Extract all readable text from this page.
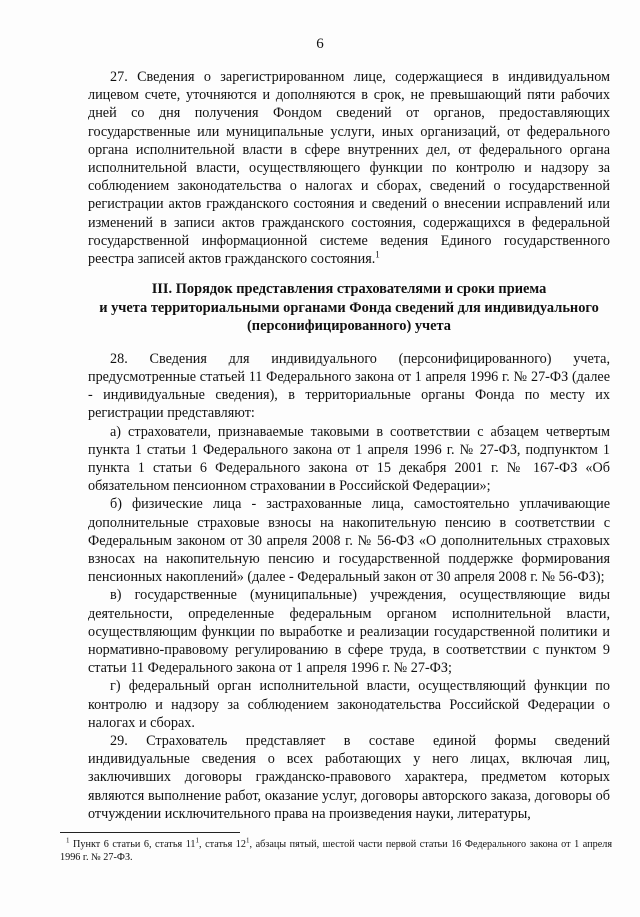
6

27. Сведения о зарегистрированном лице, содержащиеся в индивидуальном лицевом счете, уточняются и дополняются в срок, не превышающий пяти рабочих дней со дня получения Фондом сведений от органов, предоставляющих государственные или муниципальные услуги, иных организаций, от федерального органа исполнительной власти в сфере внутренних дел, от федерального органа исполнительной власти, осуществляющего функции по контролю и надзору за соблюдением законодательства о налогах и сборах, сведений о государственной регистрации актов гражданского состояния и сведений о внесении исправлений или изменений в записи актов гражданского состояния, содержащихся в федеральной государственной информационной системе ведения Единого государственного реестра записей актов гражданского состояния.$^1$

III. Порядок представления страхователями и сроки приема
и учета территориальными органами Фонда сведений для индивидуального
(персонифицированного) учета

28. Сведения для индивидуального (персонифицированного) учета, предусмотренные статьей 11 Федерального закона от 1 апреля 1996 г. № 27-ФЗ (далее - индивидуальные сведения), в территориальные органы Фонда по месту их регистрации представляют:

а) страхователи, признаваемые таковыми в соответствии с абзацем четвертым пункта 1 статьи 1 Федерального закона от 1 апреля 1996 г. № 27-ФЗ, подпунктом 1 пункта 1 статьи 6 Федерального закона от 15 декабря 2001 г. № 167-ФЗ «Об обязательном пенсионном страховании в Российской Федерации»;

б) физические лица - застрахованные лица, самостоятельно уплачивающие дополнительные страховые взносы на накопительную пенсию в соответствии с Федеральным законом от 30 апреля 2008 г. № 56-ФЗ «О дополнительных страховых взносах на накопительную пенсию и государственной поддержке формирования пенсионных накоплений» (далее - Федеральный закон от 30 апреля 2008 г. № 56-ФЗ);

в) государственные (муниципальные) учреждения, осуществляющие виды деятельности, определенные федеральным органом исполнительной власти, осуществляющим функции по выработке и реализации государственной политики и нормативно-правовому регулированию в сфере труда, в соответствии с пунктом 9 статьи 11 Федерального закона от 1 апреля 1996 г. № 27-ФЗ;

г) федеральный орган исполнительной власти, осуществляющий функции по контролю и надзору за соблюдением законодательства Российской Федерации о налогах и сборах.

29. Страхователь представляет в составе единой формы сведений индивидуальные сведения о всех работающих у него лицах, включая лиц, заключивших договоры гражданско-правового характера, предметом которых являются выполнение работ, оказание услуг, договоры авторского заказа, договоры об отчуждении исключительного права на произведения науки, литературы,

$^1$ Пункт 6 статьи 6, статья $11^1$, статья $12^1$, абзацы пятый, шестой части первой статьи 16 Федерального закона от 1 апреля 1996 г. № 27-ФЗ.
